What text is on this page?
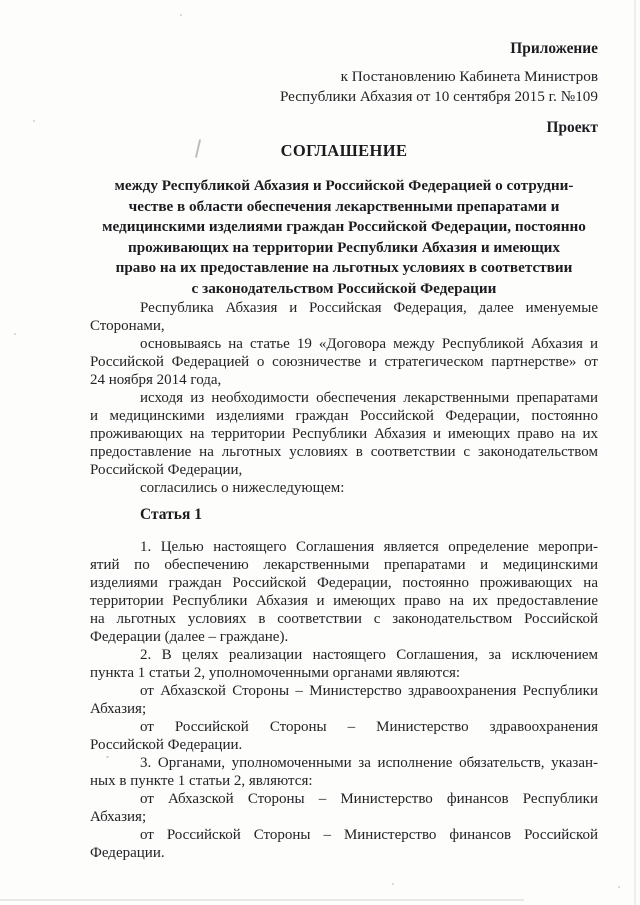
Приложение
к Постановлению Кабинета Министров
Республики Абхазия от 10 сентября 2015 г. №109
Проект
СОГЛАШЕНИЕ
между Республикой Абхазия и Российской Федерацией о сотрудни-
честве в области обеспечения лекарственными препаратами и
медицинскими изделиями граждан Российской Федерации, постоянно
проживающих на территории Республики Абхазия и имеющих
право на их предоставление на льготных условиях в соответствии
с законодательством Российской Федерации
Республика Абхазия и Российская Федерация, далее именуемые
Сторонами,
основываясь на статье 19 «Договора между Республикой Абхазия и
Российской Федерацией о союзничестве и стратегическом партнерстве» от
24 ноября 2014 года,
исходя из необходимости обеспечения лекарственными препаратами
и медицинскими изделиями граждан Российской Федерации, постоянно
проживающих на территории Республики Абхазия и имеющих право на их
предоставление на льготных условиях в соответствии с законодательством
Российской Федерации,
согласились о нижеследующем:
Статья 1
1. Целью настоящего Соглашения является определение меропри-
ятий по обеспечению лекарственными препаратами и медицинскими
изделиями граждан Российской Федерации, постоянно проживающих на
территории Республики Абхазия и имеющих право на их предоставление
на льготных условиях в соответствии с законодательством Российской
Федерации (далее – граждане).
2. В целях реализации настоящего Соглашения, за исключением
пункта 1 статьи 2, уполномоченными органами являются:
от Абхазской Стороны – Министерство здравоохранения Республики
Абхазия;
от Российской Стороны – Министерство здравоохранения
Российской Федерации.
3. Органами, уполномоченными за исполнение обязательств, указан-
ных в пункте 1 статьи 2, являются:
от Абхазской Стороны – Министерство финансов Республики
Абхазия;
от Российской Стороны – Министерство финансов Российской
Федерации.
